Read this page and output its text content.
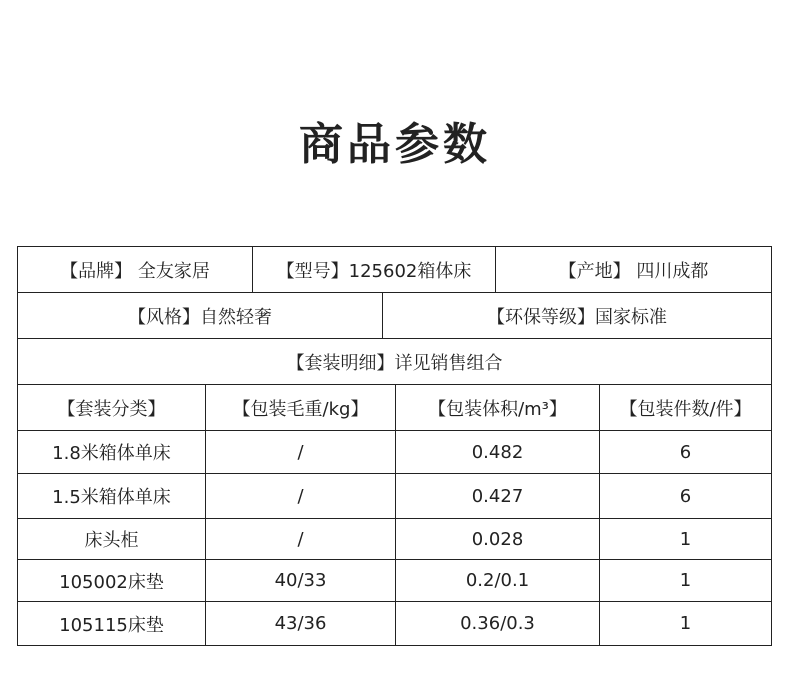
商品参数
【品牌】 全友家居	【型号】125602箱体床	【产地】 四川成都
【风格】自然轻奢	【环保等级】国家标准
【套装明细】详见销售组合
【套装分类】	【包装毛重/kg】	【包装体积/m³】	【包装件数/件】
1.8米箱体单床	/	0.482	6
1.5米箱体单床	/	0.427	6
床头柜	/	0.028	1
105002床垫	40/33	0.2/0.1	1
105115床垫	43/36	0.36/0.3	1
